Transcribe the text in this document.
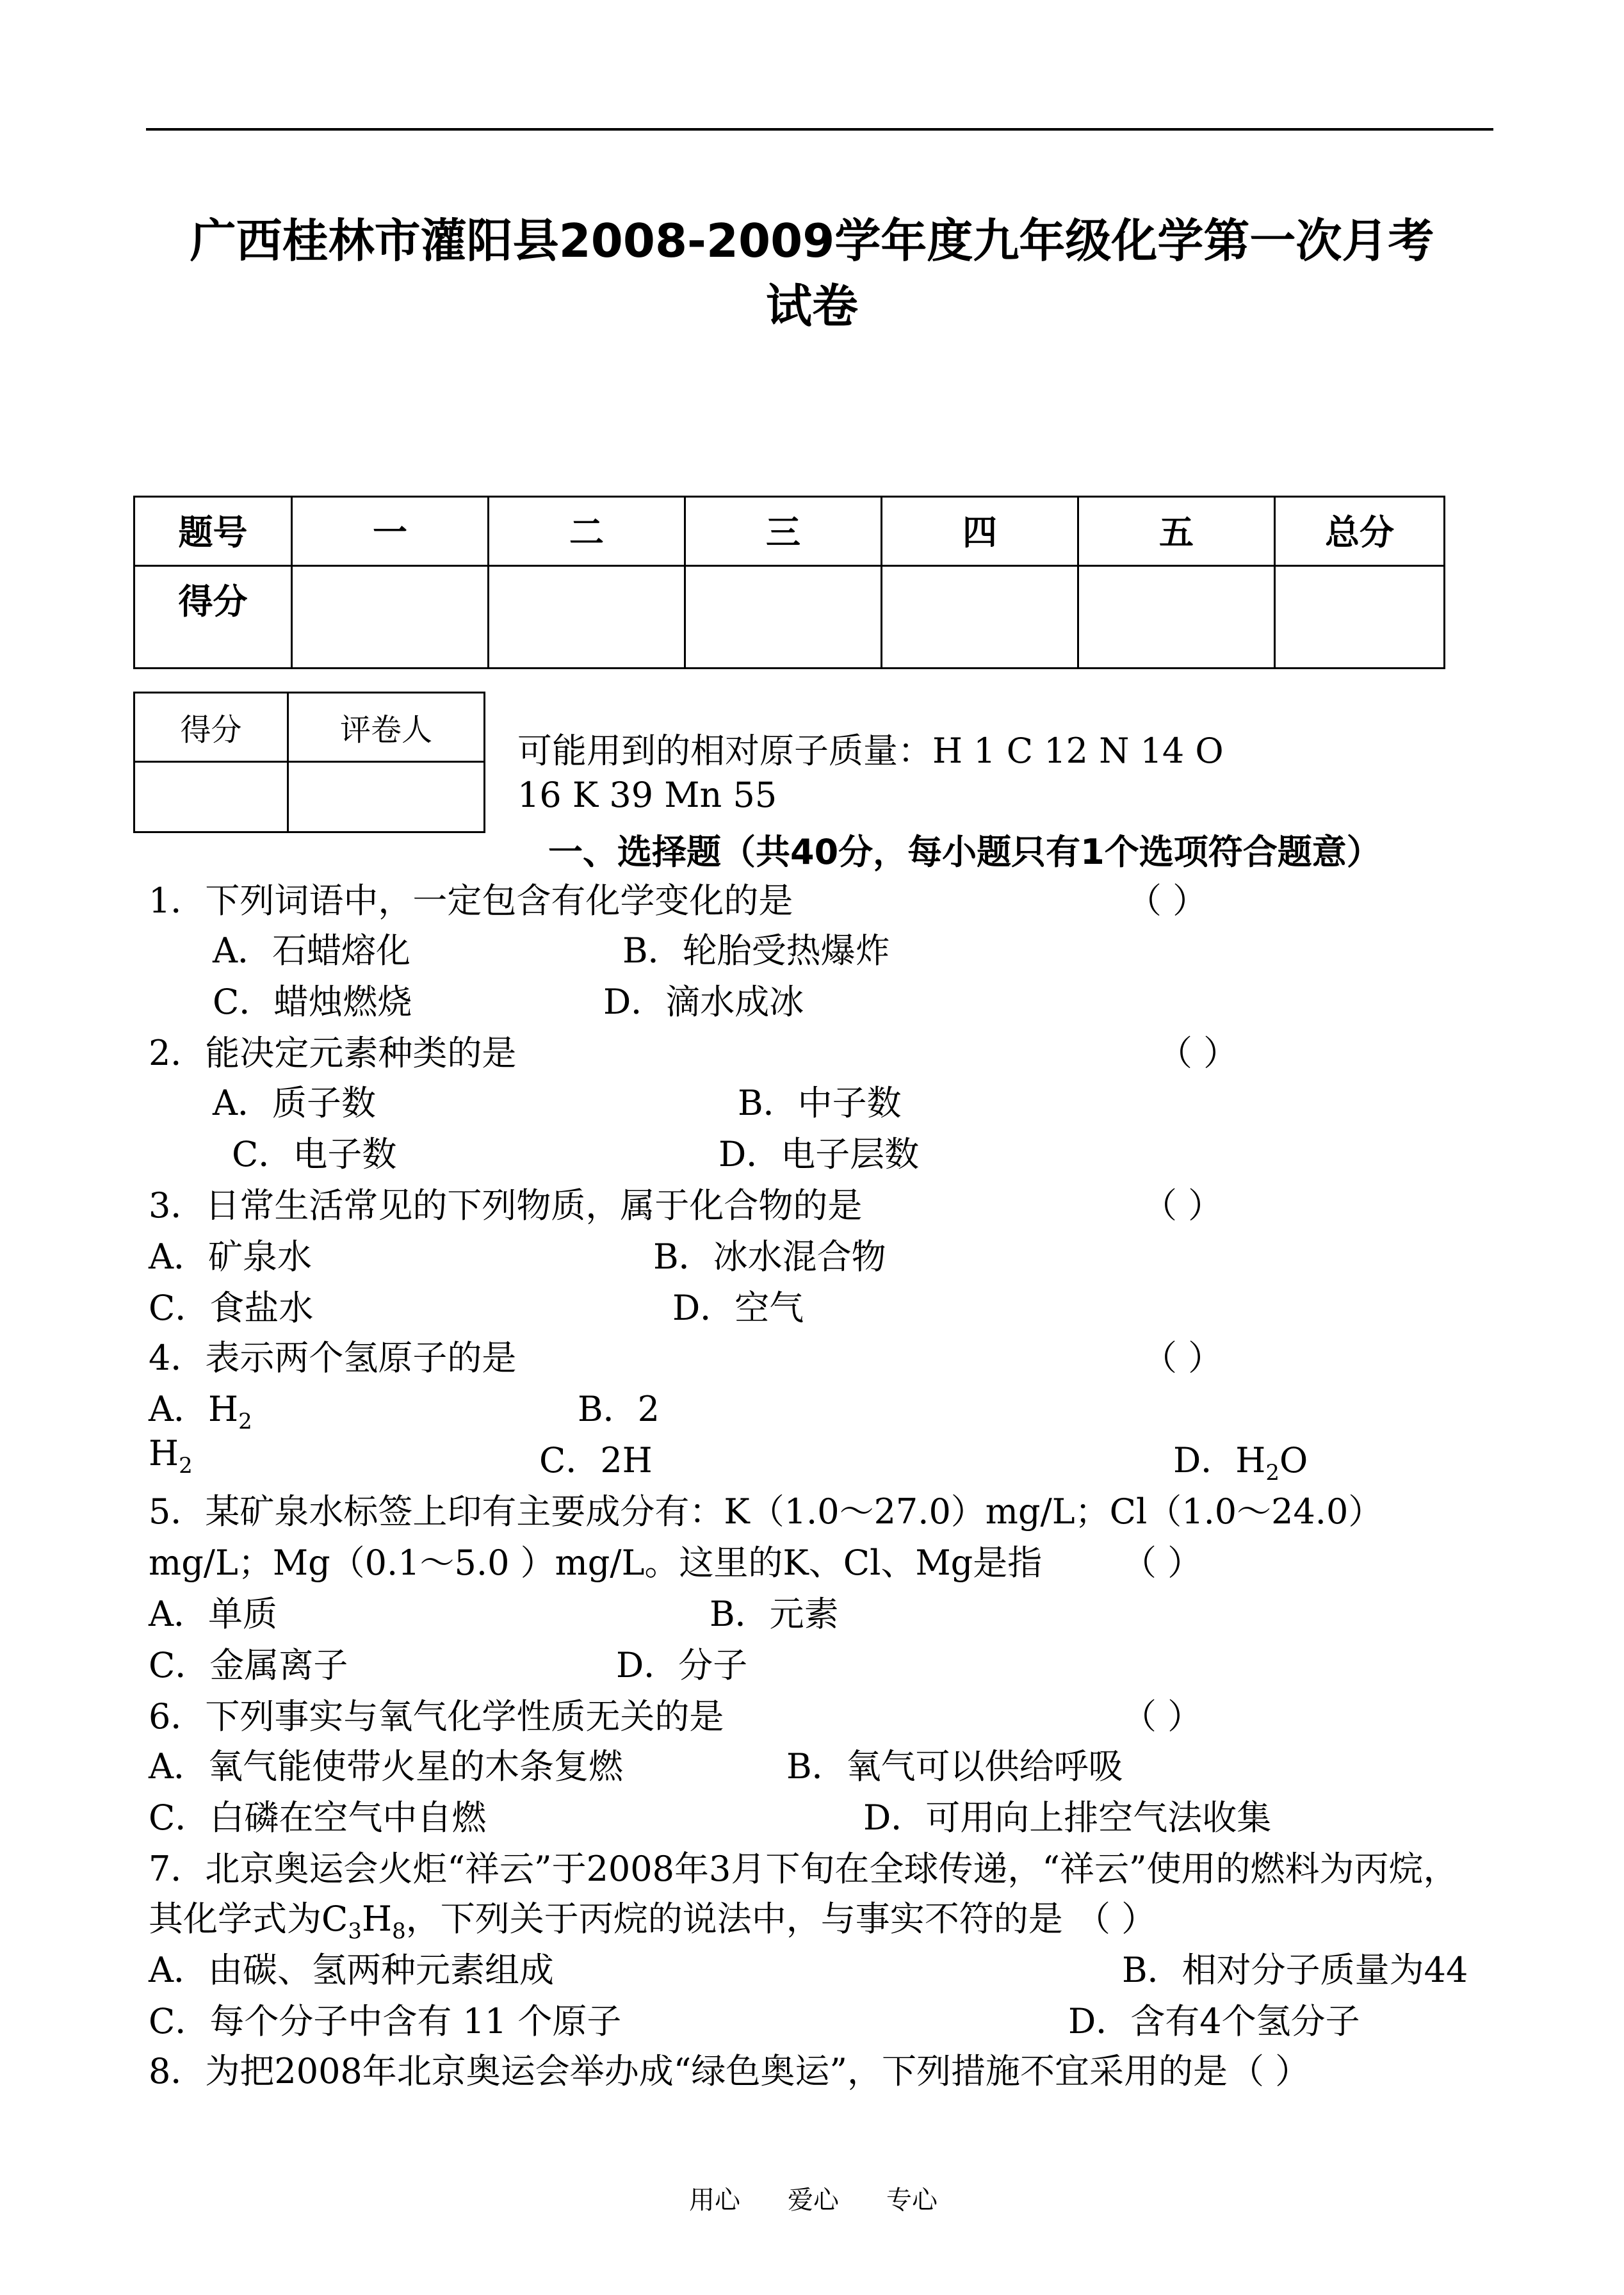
广西桂林市灌阳县2008-2009学年度九年级化学第一次月考
试卷
题号	一	二	三	四	五	总分
得分						
得分	评卷人

可能用到的相对原子质量：H 1 C 12 N 14 O
16 K 39 Mn 55
一、选择题（共40分，每小题只有1个选项符合题意）
1．下列词语中，一定包含有化学变化的是	（ ）
A．石蜡熔化	B．轮胎受热爆炸
C．蜡烛燃烧	D．滴水成冰
2．能决定元素种类的是	（ ）
A．质子数	B．中子数
C．电子数	D．电子层数
3．日常生活常见的下列物质，属于化合物的是	（ ）
A．矿泉水	B．冰水混合物
C．食盐水	D．空气
4．表示两个氢原子的是	（ ）
A．$H_2$	B．2
$H_2$	C．2H	D．$H_2O$
5．某矿泉水标签上印有主要成分有：K（1.0～27.0）mg/L；Cl（1.0～24.0）
mg/L；Mg（0.1～5.0 ）mg/L。这里的K、Cl、Mg是指 （ ）
A．单质	B．元素
C．金属离子	D．分子
6．下列事实与氧气化学性质无关的是	（ ）
A．氧气能使带火星的木条复燃	B．氧气可以供给呼吸
C．白磷在空气中自燃	D．可用向上排空气法收集
7．北京奥运会火炬“祥云”于2008年3月下旬在全球传递，“祥云”使用的燃料为丙烷，
其化学式为$C_3H_8$，下列关于丙烷的说法中，与事实不符的是 （ ）
A．由碳、氢两种元素组成	B．相对分子质量为44
C．每个分子中含有 11 个原子	D．含有4个氢分子
8．为把2008年北京奥运会举办成“绿色奥运”，下列措施不宜采用的是 （ ）
用心 爱心 专心
